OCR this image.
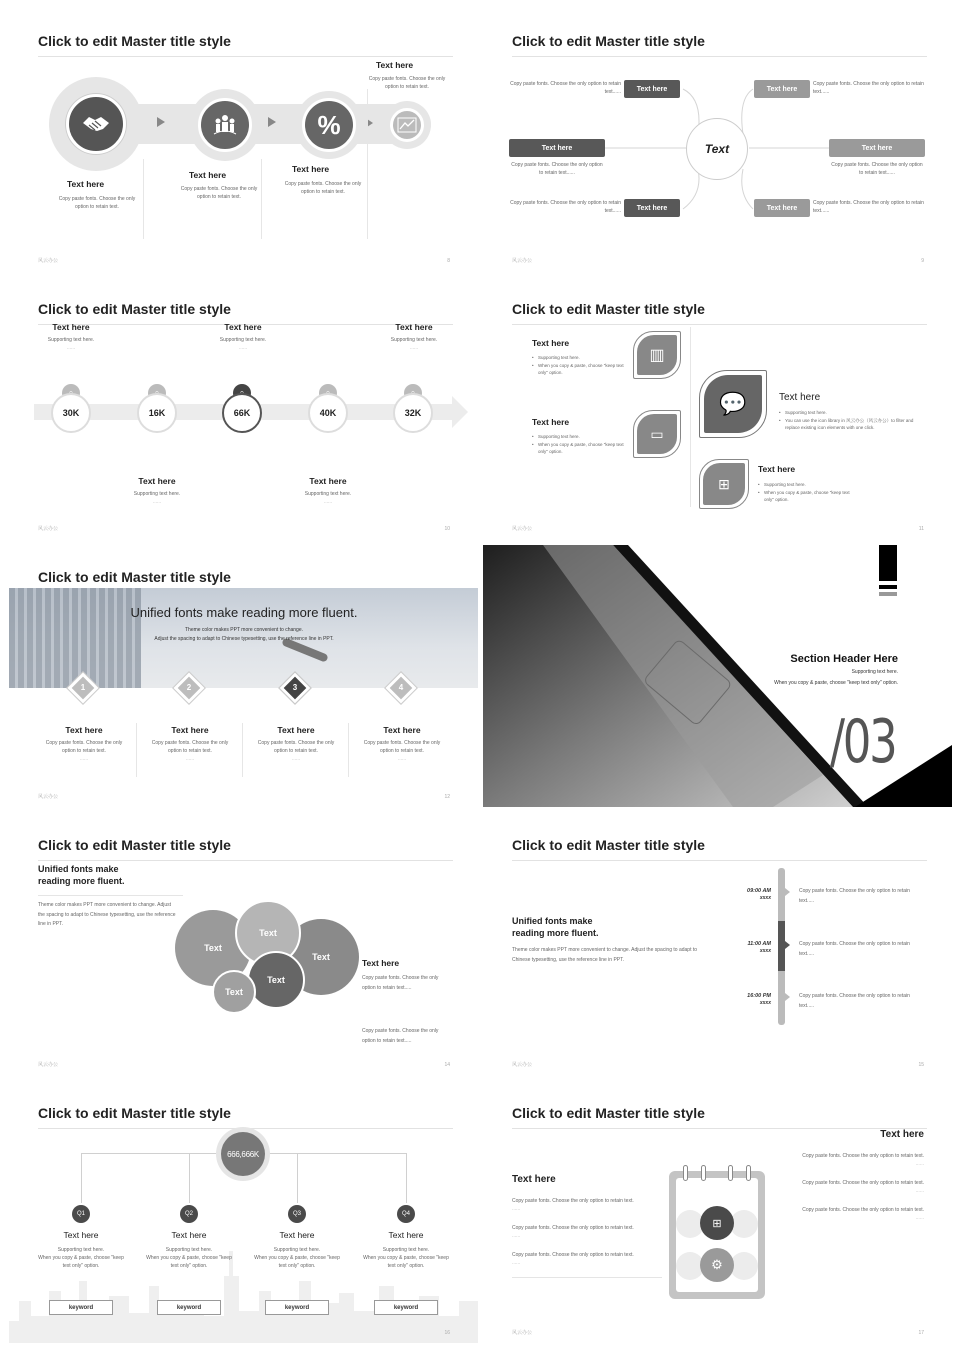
Click to edit Master title style
%
Text here
Copy paste fonts. Choose the only option to retain text.
Text here
Copy paste fonts. Choose the only option to retain text.
Text here
Copy paste fonts. Choose the only option to retain text.
Text here
Copy paste fonts. Choose the only option to retain text.
风云办公	8
Click to edit Master title style
Text
Text here
Text here
Text here
Text here
Text here
Text here
Copy paste fonts. Choose the only option to retain text......
Copy paste fonts. Choose the only option to retain text......
Copy paste fonts. Choose the only option to retain text......
Copy paste fonts. Choose the only option to retain text......
Copy paste fonts. Choose the only option to retain text......
Copy paste fonts. Choose the only option to retain text......
风云办公	9
Click to edit Master title style
Text here
Supporting text here.
......
Text here
Supporting text here.
......
Text here
Supporting text here.
......
30K	16K	66K	40K	32K
Text here
Supporting text here.
......
Text here
Supporting text here.
......
风云办公	10
Click to edit Master title style
Text here
• Supporting text here.
• When you copy & paste, choose "keep text only" option.
▥
Text here
• Supporting text here.
• When you copy & paste, choose "keep text only" option.
▭
💬	Text here
• Supporting text here.
• You can use the icon library in 风云办公（风云办公）to filter and replace existing icon elements with one click.
⊞
Text here
• Supporting text here.
• When you copy & paste, choose "keep text only" option.
风云办公	11
Click to edit Master title style
Unified fonts make reading more fluent.
Theme color makes PPT more convenient to change.
Adjust the spacing to adapt to Chinese typesetting, use the reference line in PPT.
1	2	3	4
Text here
Copy paste fonts. Choose the only option to retain text.
......
Text here
Copy paste fonts. Choose the only option to retain text.
......
Text here
Copy paste fonts. Choose the only option to retain text.
......
Text here
Copy paste fonts. Choose the only option to retain text.
......
风云办公	12
Section Header Here
Supporting text here.
When you copy & paste, choose "keep text only" option.
/03
Click to edit Master title style
Unified fonts make reading more fluent.
Theme color makes PPT more convenient to change. Adjust the spacing to adapt to Chinese typesetting, use the reference line in PPT.
Text
Text
Text
Text
Text
Text here
Copy paste fonts. Choose the only option to retain text.....
Copy paste fonts. Choose the only option to retain text.....
风云办公	14
Click to edit Master title style
Unified fonts make reading more fluent.
Theme color makes PPT more convenient to change. Adjust the spacing to adapt to Chinese typesetting, use the reference line in PPT.
09:00 AM
xxxx
Copy paste fonts. Choose the only option to retain text.....
11:00 AM
xxxx
Copy paste fonts. Choose the only option to retain text.....
16:00 PM
xxxx
Copy paste fonts. Choose the only option to retain text.....
风云办公	15
Click to edit Master title style
666,666K
Q1	Q2	Q3	Q4
Text here
Supporting text here.
When you copy & paste, choose "keep text only" option.
Text here
Supporting text here.
When you copy & paste, choose "keep text only" option.
Text here
Supporting text here.
When you copy & paste, choose "keep text only" option.
Text here
Supporting text here.
When you copy & paste, choose "keep text only" option.
keyword	keyword	keyword	keyword
16
Click to edit Master title style
Text here
Copy paste fonts. Choose the only option to retain text.
......
Copy paste fonts. Choose the only option to retain text.
......
Copy paste fonts. Choose the only option to retain text.
......
Text here
Copy paste fonts. Choose the only option to retain text.
......
Copy paste fonts. Choose the only option to retain text.
......
Copy paste fonts. Choose the only option to retain text.
......
⊞
⚙
风云办公	17
